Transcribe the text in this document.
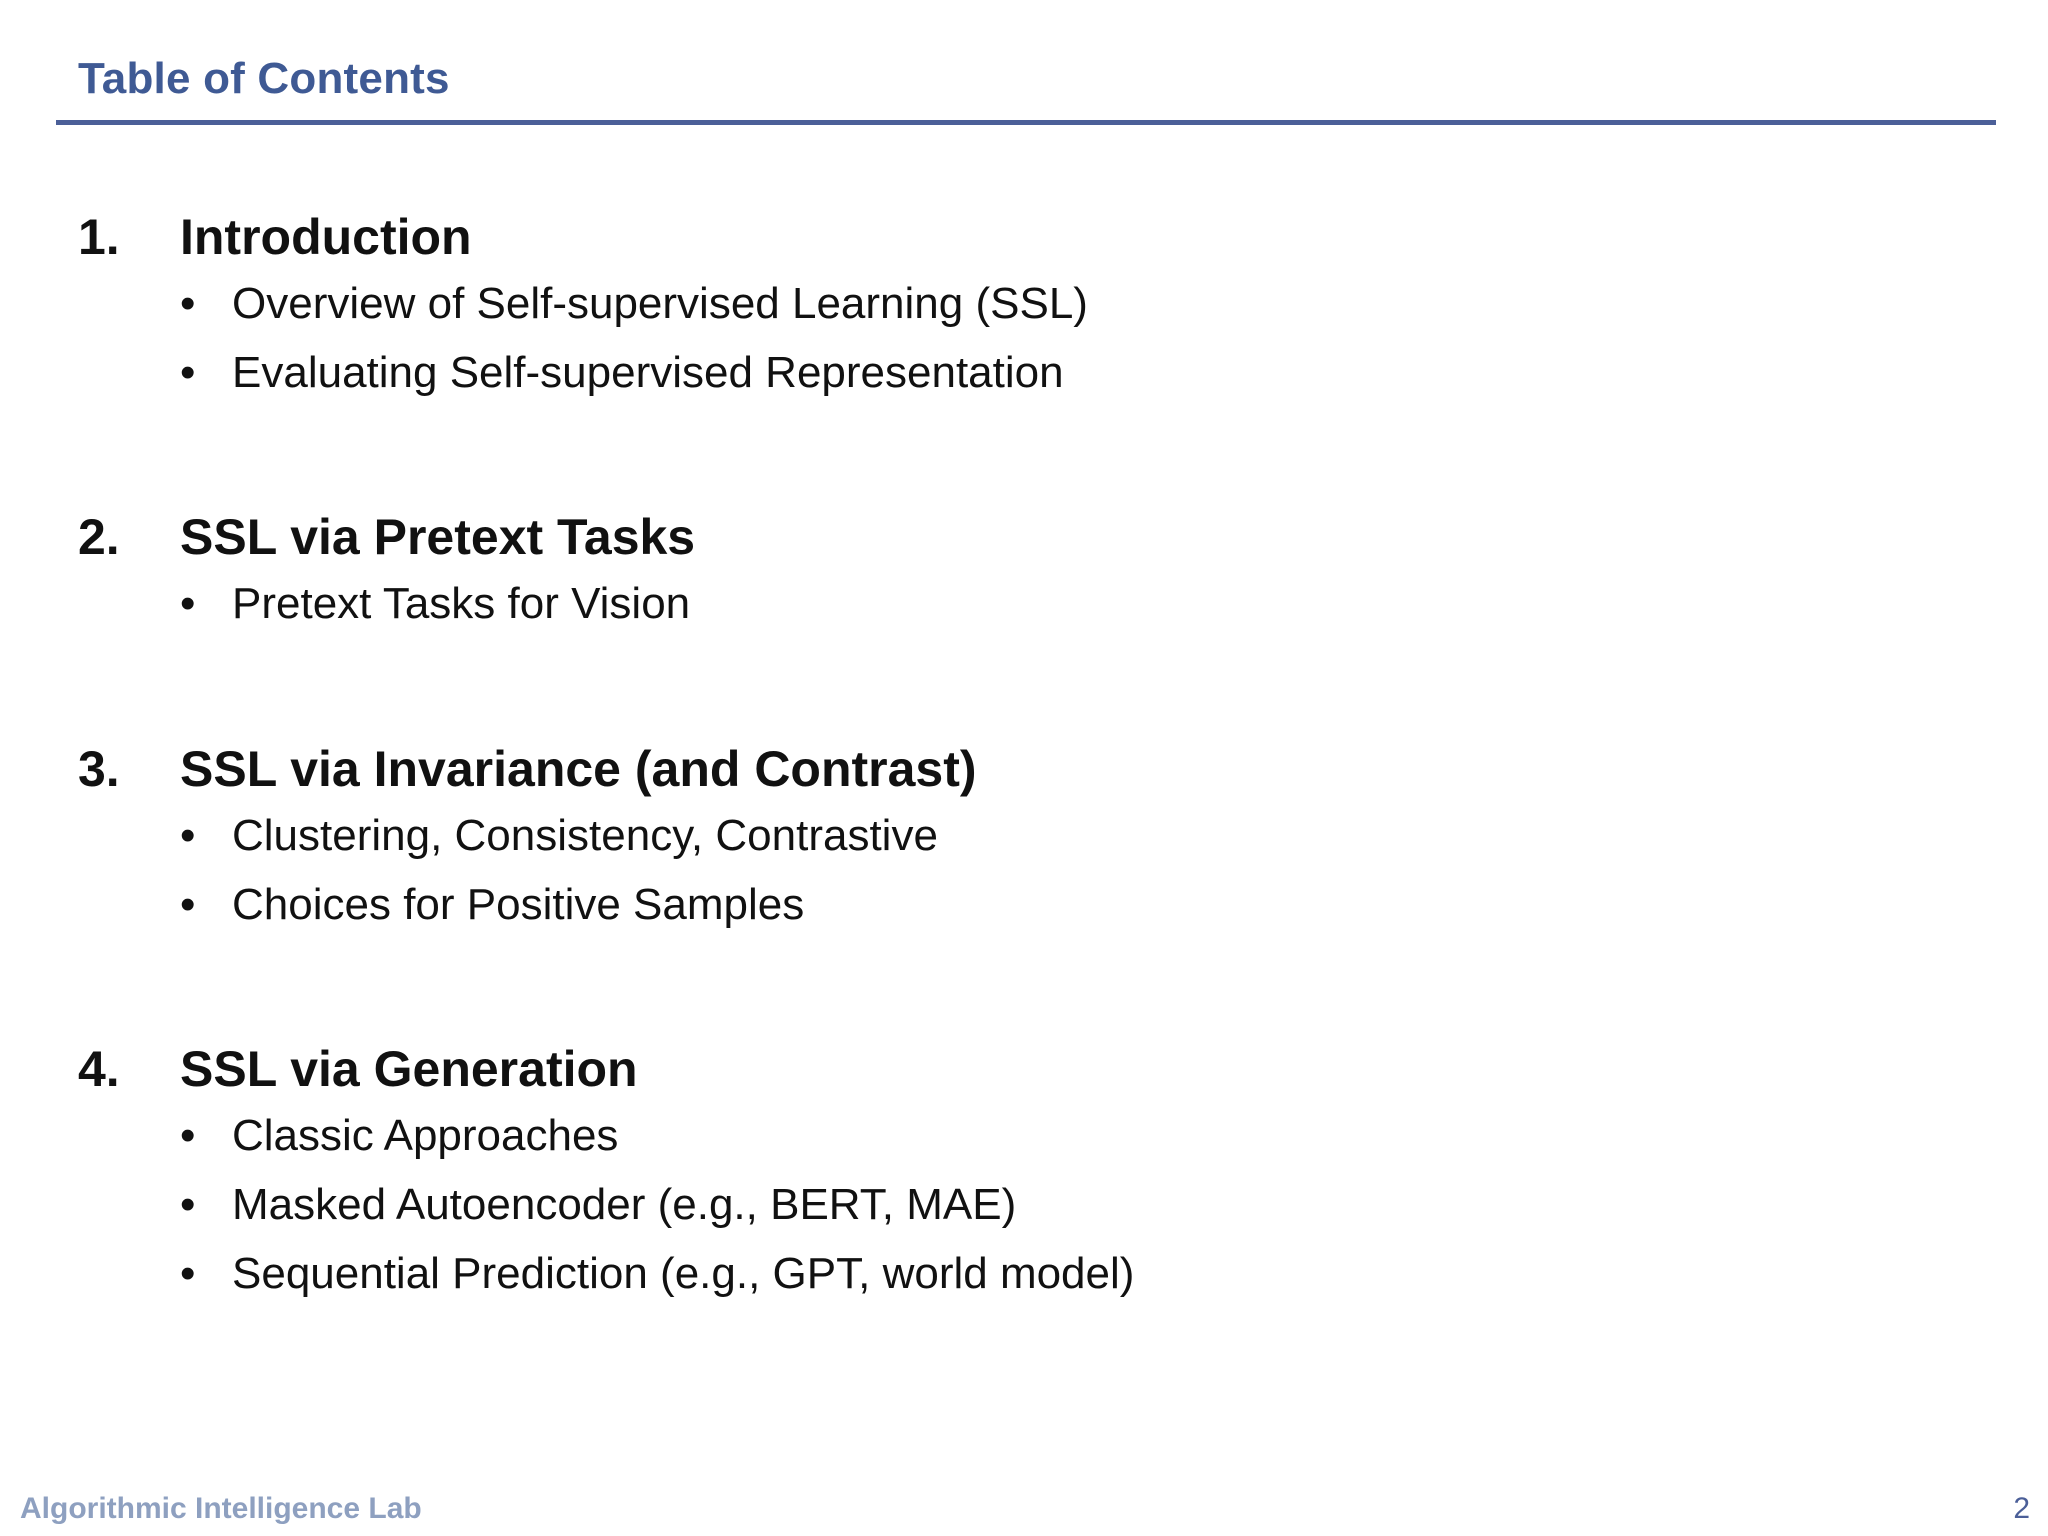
Table of Contents
1. Introduction
• Overview of Self-supervised Learning (SSL)
• Evaluating Self-supervised Representation
2. SSL via Pretext Tasks
• Pretext Tasks for Vision
3. SSL via Invariance (and Contrast)
• Clustering, Consistency, Contrastive
• Choices for Positive Samples
4. SSL via Generation
• Classic Approaches
• Masked Autoencoder (e.g., BERT, MAE)
• Sequential Prediction (e.g., GPT, world model)
Algorithmic Intelligence Lab	2
